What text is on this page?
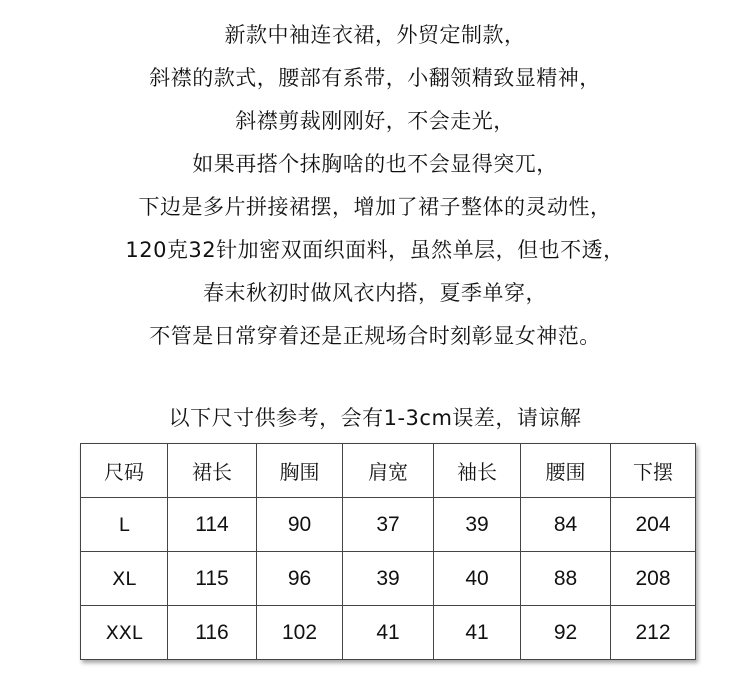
新款中袖连衣裙，外贸定制款，
斜襟的款式，腰部有系带，小翻领精致显精神，
斜襟剪裁刚刚好，不会走光，
如果再搭个抹胸啥的也不会显得突兀，
下边是多片拼接裙摆，增加了裙子整体的灵动性，
120克32针加密双面织面料，虽然单层，但也不透，
春末秋初时做风衣内搭，夏季单穿，
不管是日常穿着还是正规场合时刻彰显女神范。
以下尺寸供参考，会有1-3cm误差，请谅解
尺码	裙长	胸围	肩宽	袖长	腰围	下摆
L	114	90	37	39	84	204
XL	115	96	39	40	88	208
XXL	116	102	41	41	92	212
